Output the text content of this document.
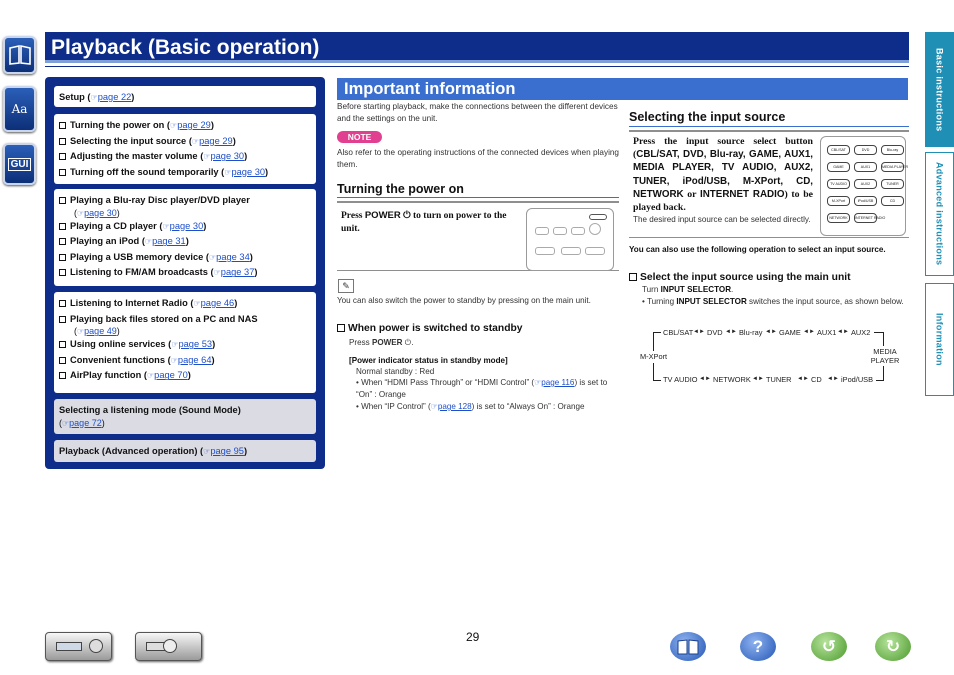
Aa
GUI
Playback (Basic operation)
Basic instructions
Advanced instructions
Information
Setup (☞page 22)
Turning the power on (☞page 29)
Selecting the input source (☞page 29)
Adjusting the master volume (☞page 30)
Turning off the sound temporarily (☞page 30)
Playing a Blu-ray Disc player/DVD player
(☞page 30)
Playing a CD player (☞page 30)
Playing an iPod (☞page 31)
Playing a USB memory device (☞page 34)
Listening to FM/AM broadcasts (☞page 37)
Listening to Internet Radio (☞page 46)
Playing back files stored on a PC and NAS
(☞page 49)
Using online services (☞page 53)
Convenient functions (☞page 64)
AirPlay function (☞page 70)
Selecting a listening mode (Sound Mode)
(☞page 72)
Playback (Advanced operation) (☞page 95)
Important information
Before starting playback, make the connections between the different devices and the settings on the unit.
NOTE
Also refer to the operating instructions of the connected devices when playing them.
Turning the power on
Press POWER ⏻ to turn on power to the unit.
✎
You can also switch the power to standby by pressing on the main unit.
When power is switched to standby
Press POWER ⏻.
[Power indicator status in standby mode]
Normal standby : Red
• When “HDMI Pass Through” or “HDMI Control” (☞page 116) is set to “On” : Orange
• When “IP Control” (☞page 128) is set to “Always On” : Orange
Selecting the input source
Press the input source select button (CBL/SAT, DVD, Blu-ray, GAME, AUX1, MEDIA PLAYER, TV AUDIO, AUX2, TUNER, iPod/USB, M-XPort, CD, NETWORK or INTERNET RADIO) to be played back.
The desired input source can be selected directly.
CBL/SAT	DVD	Blu-ray
GAME	AUX1	MEDIA PLAYER
TV AUDIO	AUX2	TUNER
M-XPort	iPod/USB	CD
NETWORK	INTERNET RADIO
You can also use the following operation to select an input source.
Select the input source using the main unit
Turn INPUT SELECTOR.
• Turning INPUT SELECTOR switches the input source, as shown below.
CBL/SAT ◄► DVD ◄► Blu-ray ◄► GAME ◄► AUX1 ◄► AUX2
TV AUDIO ◄► NETWORK ◄► TUNER ◄► CD ◄► iPod/USB
M-XPort
MEDIA PLAYER
29	?	↺	↻
